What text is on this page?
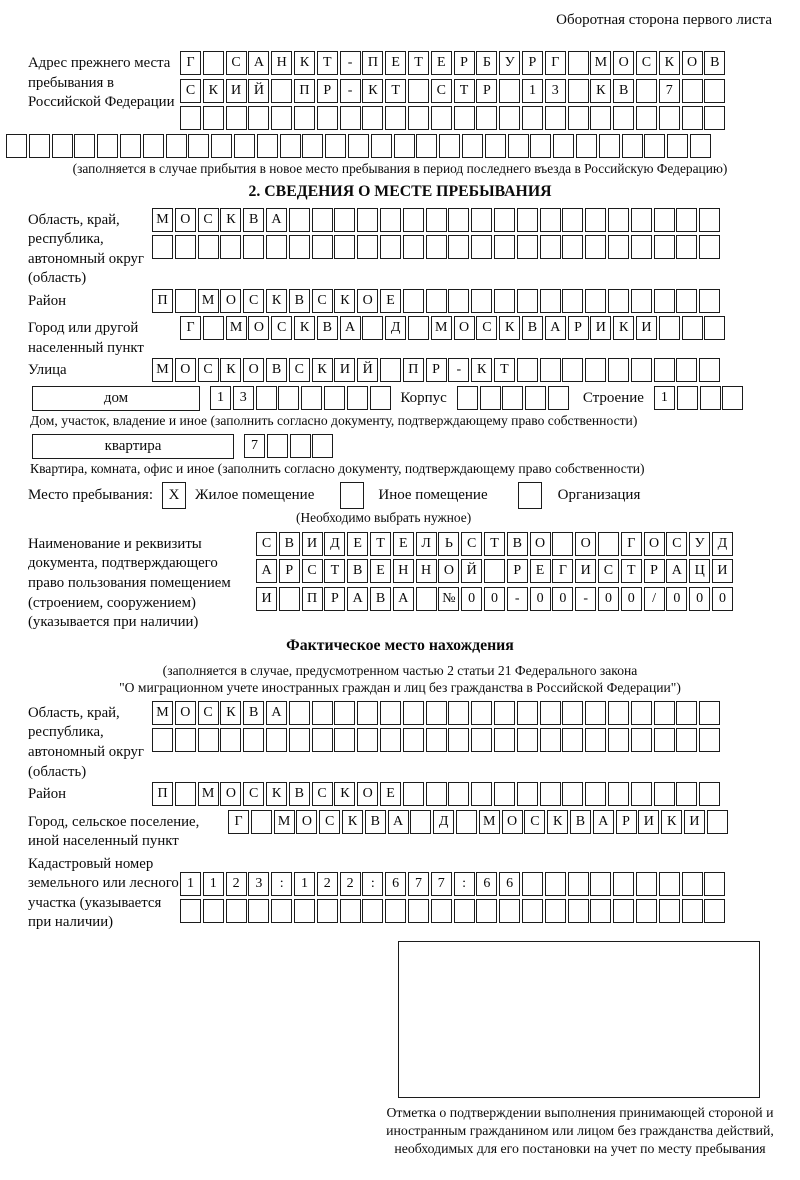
Оборотная сторона первого листа
Адрес прежнего места пребывания в Российской Федерации
Г	С А Н К Т	-	П Е	Т	Е	Р	Б У Р	Г	М О С К О В
С К И Й	П Р	-	К Т	С Т	Р	1	3	К В	7
(заполняется в случае прибытия в новое место пребывания в период последнего въезда в Российскую Федерацию)
2. СВЕДЕНИЯ О МЕСТЕ ПРЕБЫВАНИЯ
Область, край, республика, автономный округ (область)
М О С К В А
Район	П	М О С К В С К О Е
Город или другой населенный пункт
Г	М О С К В А	Д	М О С К В А Р И К И
Улица	М О С К О В С К И Й	П Р	-	К Т
дом	1	3	Корпус	Строение	1
Дом, участок, владение и иное (заполнить согласно документу, подтверждающему право собственности)
квартира	7
Квартира, комната, офис и иное (заполнить согласно документу, подтверждающему право собственности)
Место пребывания:	X	Жилое помещение	Иное помещение	Организация
(Необходимо выбрать нужное)
Наименование и реквизиты документа, подтверждающего право пользования помещением (строением, сооружением) (указывается при наличии)
С В И Д Е	Т	Е Л	Ь	С Т В О	О	Г О С У Д
А Р	С Т В Е Н Н О Й	Р	Е	Г И С Т	Р А Ц И
И	П Р А В А	№ 0	0	-	0	0	-	0	0	/	0	0	0
Фактическое место нахождения
(заполняется в случае, предусмотренном частью 2 статьи 21 Федерального закона
"О миграционном учете иностранных граждан и лиц без гражданства в Российской Федерации")
Область, край, республика, автономный округ (область)
М О С К В А
Район	П	М О С К В С К О Е
Город, сельское поселение, иной населенный пункт
Г	М О С К В А	Д	М О С К В А Р И К И
Кадастровый номер земельного или лесного участка (указывается при наличии)
1	1	2	3	:	1	2	2	:	6	7	7	:	6	6
Отметка о подтверждении выполнения принимающей стороной и иностранным гражданином или лицом без гражданства действий, необходимых для его постановки на учет по месту пребывания
